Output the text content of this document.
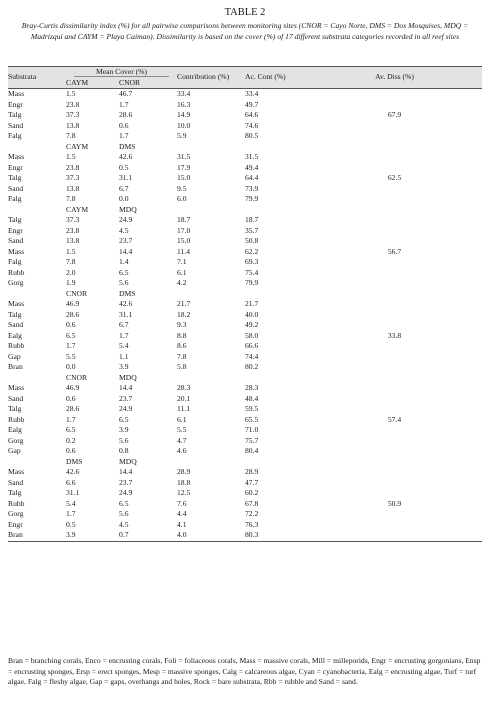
TABLE 2
Bray-Curtis dissimilarity index (%) for all pairwise comparisons between monitoring sites (CNOR = Cayo Norte, DMS = Dos Mosquises, MDQ = Madrizquí and CAYM = Playa Caiman). Dissimilarity is based on the cover (%) of 17 different substrata categories recorded in all reef sites
Substrata	Mean Cover (%)		Contribution (%)	Ac. Cont (%)	Av. Diss (%)
	CAYM	CNOR			
Mass	1.5	46.7	33.4	33.4	67.9
Engr	23.8	1.7	16.3	49.7	
Talg	37.3	28.6	14.9	64.6	
Sand	13.8	0.6	10.0	74.6	
Falg	7.8	1.7	5.9	80.5	
	CAYM	DMS			
Mass	1.5	42.6	31.5	31.5	62.5
Engr	23.8	0.5	17.9	49.4	
Talg	37.3	31.1	15.0	64.4	
Sand	13.8	6.7	9.5	73.9	
Falg	7.8	0.0	6.0	79.9	
	CAYM	MDQ			
Talg	37.3	24.9	18.7	18.7	56.7
Engr	23.8	4.5	17.0	35.7	
Sand	13.8	23.7	15.0	50.8	
Mass	1.5	14.4	11.4	62.2	
Falg	7.8	1.4	7.1	69.3	
Rubb	2.0	6.5	6.1	75.4	
Gorg	1.9	5.6	4.2	79.9	
	CNOR	DMS			
Mass	46.9	42.6	21.7	21.7	33.8
Talg	28.6	31.1	18.2	40.0	
Sand	0.6	6.7	9.3	49.2	
Ealg	6.5	1.7	8.8	58.0	
Rubb	1.7	5.4	8.6	66.6	
Gap	5.5	1.1	7.8	74.4	
Bran	0.0	3.9	5.8	80.2	
	CNOR	MDQ			
Mass	46.9	14.4	28.3	28.3	57.4
Sand	0.6	23.7	20.1	48.4	
Talg	28.6	24.9	11.1	59.5	
Rubb	1.7	6.5	6.1	65.5	
Ealg	6.5	3.9	5.5	71.0	
Gorg	0.2	5.6	4.7	75.7	
Gap	0.6	0.8	4.6	80.4	
	DMS	MDQ			
Mass	42.6	14.4	28.9	28.9	50.9
Sand	6.6	23.7	18.8	47.7	
Talg	31.1	24.9	12.5	60.2	
Rubb	5.4	6.5	7.6	67.8	
Gorg	1.7	5.6	4.4	72.2	
Engr	0.5	4.5	4.1	76.3	
Bran	3.9	0.7	4.0	80.3	
Bran = branching corals, Enco = encrusting corals, Foli = foliaceous corals, Mass = massive corals, Mill = milleporids, Engr = encrusting gorgonians, Ensp = encrusting sponges, Ersp = erect sponges, Mesp = massive sponges, Calg = calcareous algae, Cyan = cyanobacteria, Ealg = encrusting algae, Turf = turf algae, Falg = fleshy algae, Gap = gaps, overhangs and holes, Rock = bare substrata, Rbb = rubble and Sand = sand.
